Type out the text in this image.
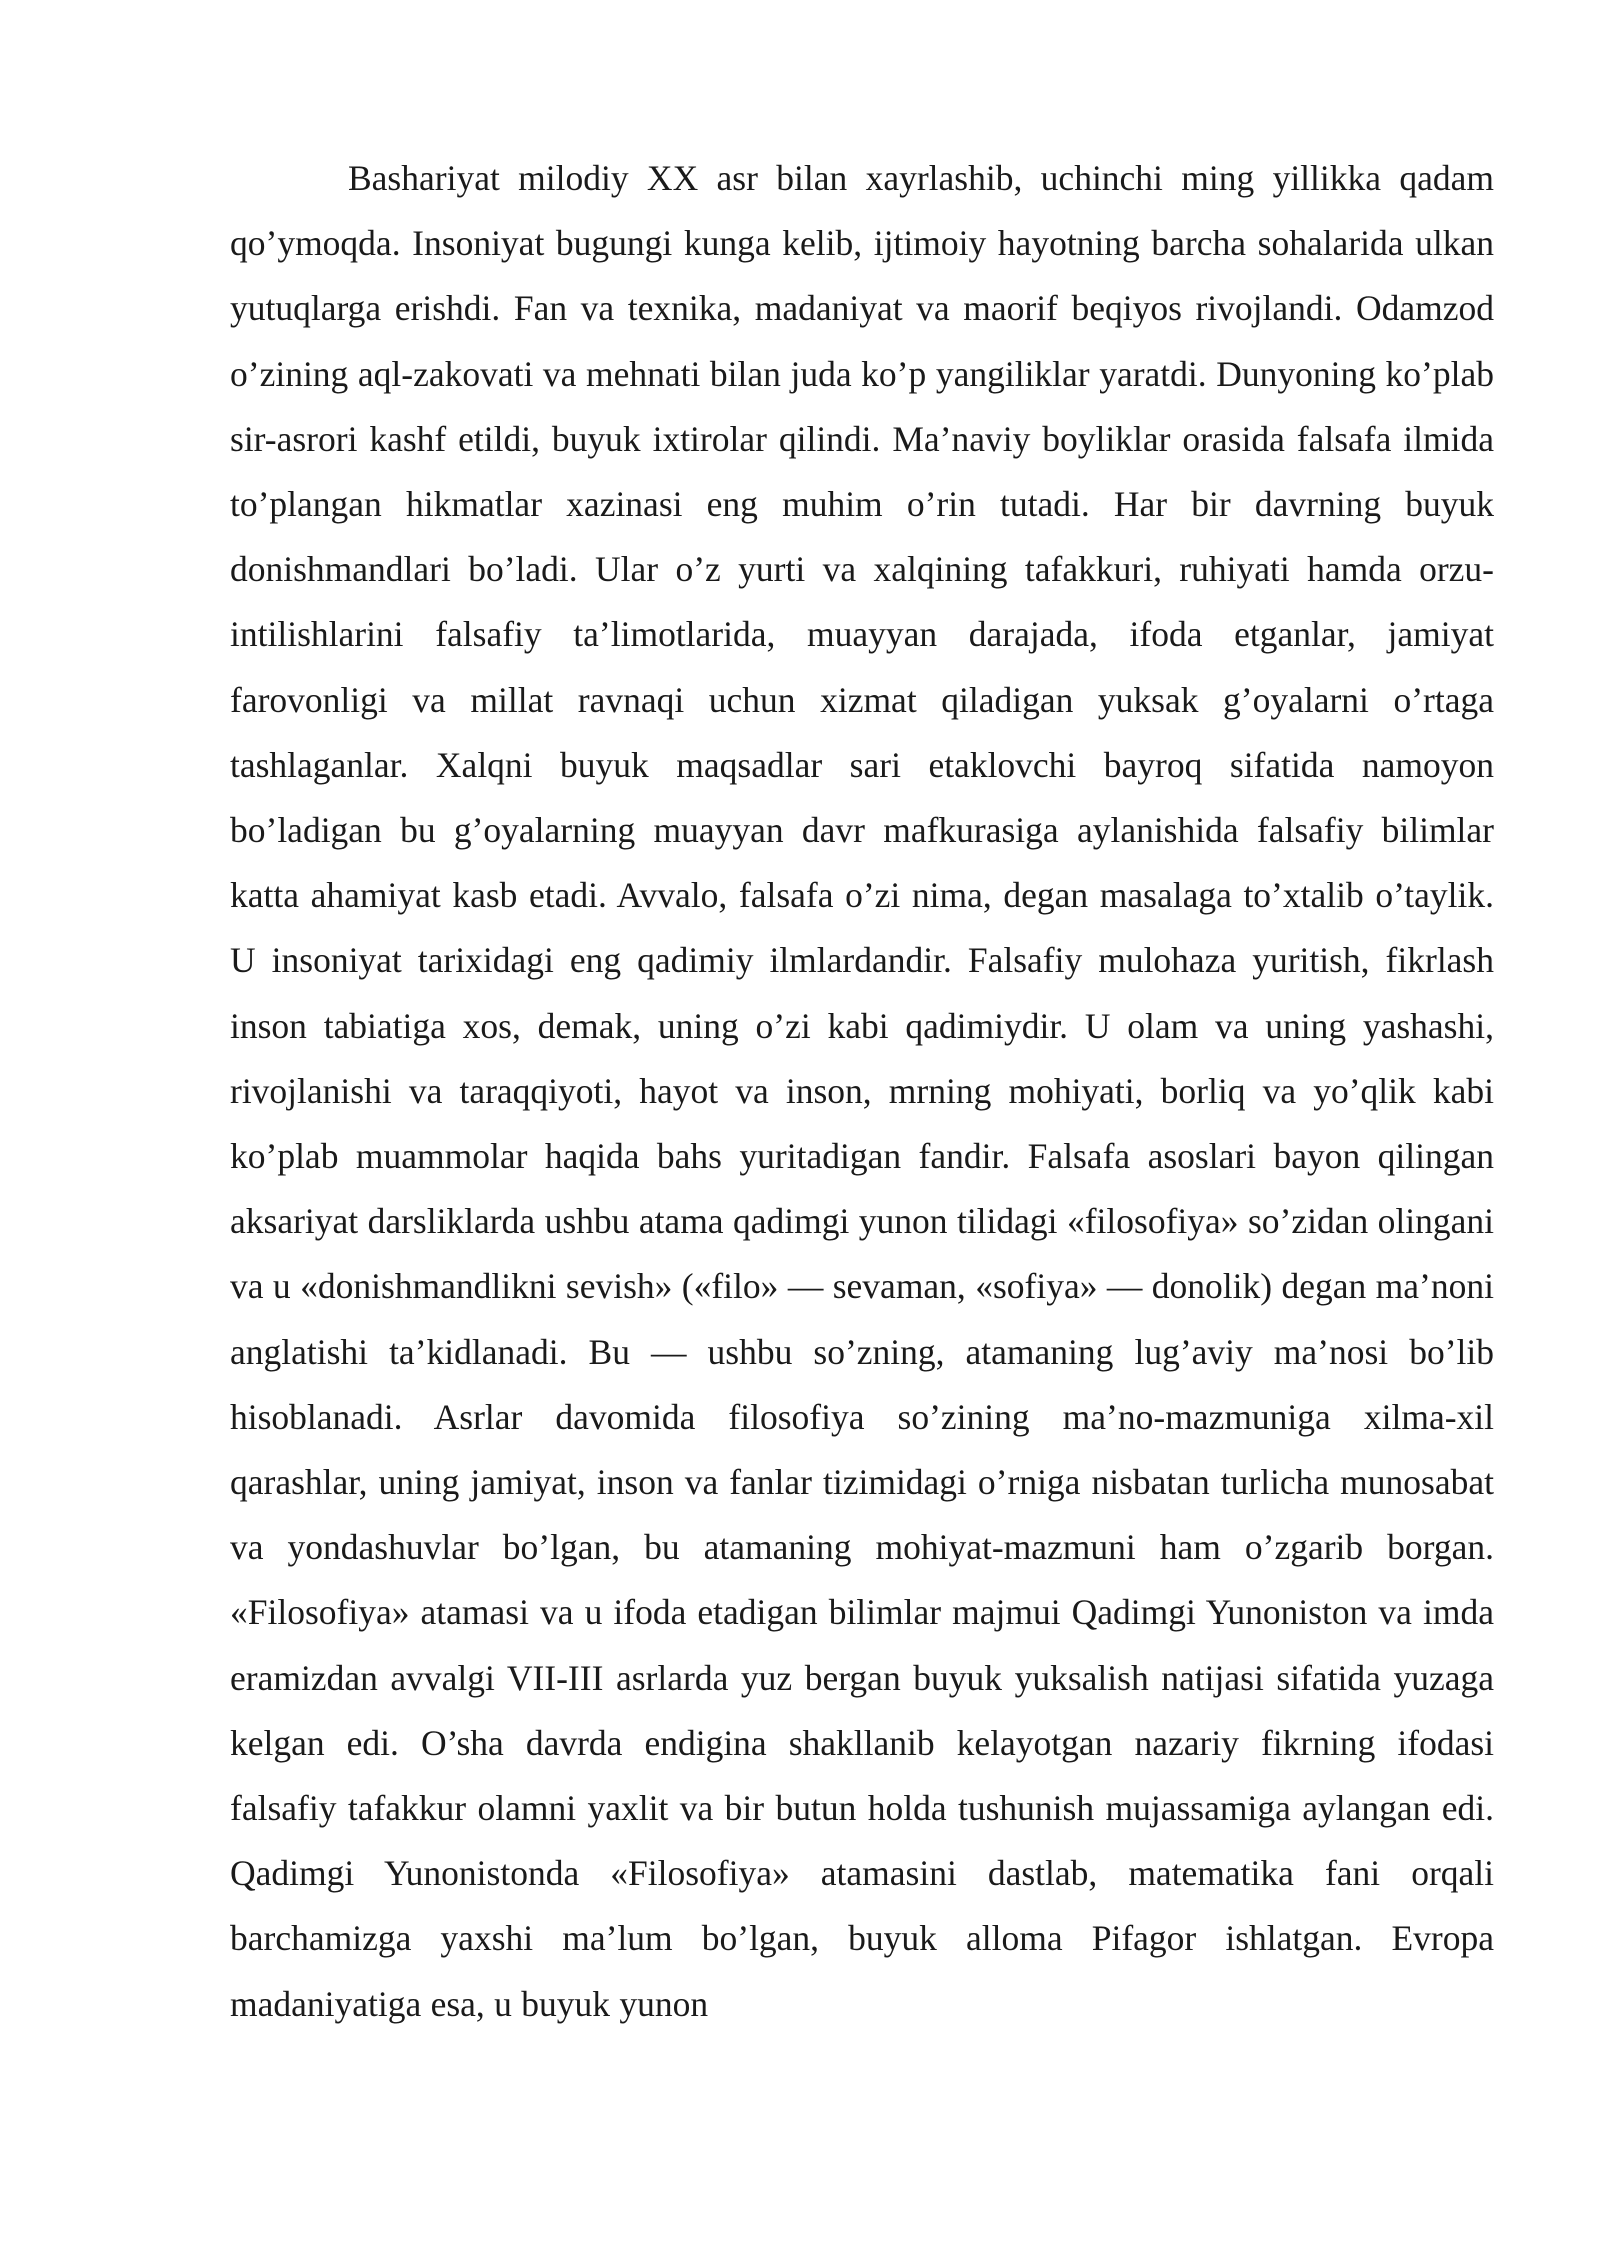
Bashariyat milodiy XX asr bilan xayrlashib, uchinchi ming yillikka qadam qo’ymoqda. Insoniyat bugungi kunga kelib, ijtimoiy hayotning barcha sohalarida ulkan yutuqlarga erishdi. Fan va texnika, madaniyat va maorif beqiyos rivojlandi. Odamzod o’zining aql-zakovati va mehnati bilan juda ko’p yangiliklar yaratdi. Dunyoning ko’plab sir-asrori kashf etildi, buyuk ixtirolar qilindi. Ma’naviy boyliklar orasida falsafa ilmida to’plangan hikmatlar xazinasi eng muhim o’rin tutadi. Har bir davrning buyuk donishmandlari bo’ladi. Ular o’z yurti va xalqining tafakkuri, ruhiyati hamda orzu-intilishlarini falsafiy ta’limotlarida, muayyan darajada, ifoda etganlar, jamiyat farovonligi va millat ravnaqi uchun xizmat qiladigan yuksak g’oyalarni o’rtaga tashlaganlar. Xalqni buyuk maqsadlar sari etaklovchi bayroq sifatida namoyon bo’ladigan bu g’oyalarning muayyan davr mafkurasiga aylanishida falsafiy bilimlar katta ahamiyat kasb etadi. Avvalo, falsafa o’zi nima, degan masalaga to’xtalib o’taylik. U insoniyat tarixidagi eng qadimiy ilmlardandir. Falsafiy mulohaza yuritish, fikrlash inson tabiatiga xos, demak, uning o’zi kabi qadimiydir. U olam va uning yashashi, rivojlanishi va taraqqiyoti, hayot va inson, mrning mohiyati, borliq va yo’qlik kabi ko’plab muammolar haqida bahs yuritadigan fandir. Falsafa asoslari bayon qilingan aksariyat darsliklarda ushbu atama qadimgi yunon tilidagi «filosofiya» so’zidan olingani va u «donishmandlikni sevish» («filo» — sevaman, «sofiya» — donolik) degan ma’noni anglatishi ta’kidlanadi. Bu — ushbu so’zning, atamaning lug’aviy ma’nosi bo’lib hisoblanadi. Asrlar davomida filosofiya so’zining ma’no-mazmuniga xilma-xil qarashlar, uning jamiyat, inson va fanlar tizimidagi o’rniga nisbatan turlicha munosabat va yondashuvlar bo’lgan, bu atamaning mohiyat-mazmuni ham o’zgarib borgan. «Filosofiya» atamasi va u ifoda etadigan bilimlar majmui Qadimgi Yunoniston va imda eramizdan avvalgi VII-III asrlarda yuz bergan buyuk yuksalish natijasi sifatida yuzaga kelgan edi. O’sha davrda endigina shakllanib kelayotgan nazariy fikrning ifodasi falsafiy tafakkur olamni yaxlit va bir butun holda tushunish mujassamiga aylangan edi. Qadimgi Yunonistonda «Filosofiya» atamasini dastlab, matematika fani orqali barchamizga yaxshi ma’lum bo’lgan, buyuk alloma Pifagor ishlatgan. Evropa madaniyatiga esa, u buyuk yunon
